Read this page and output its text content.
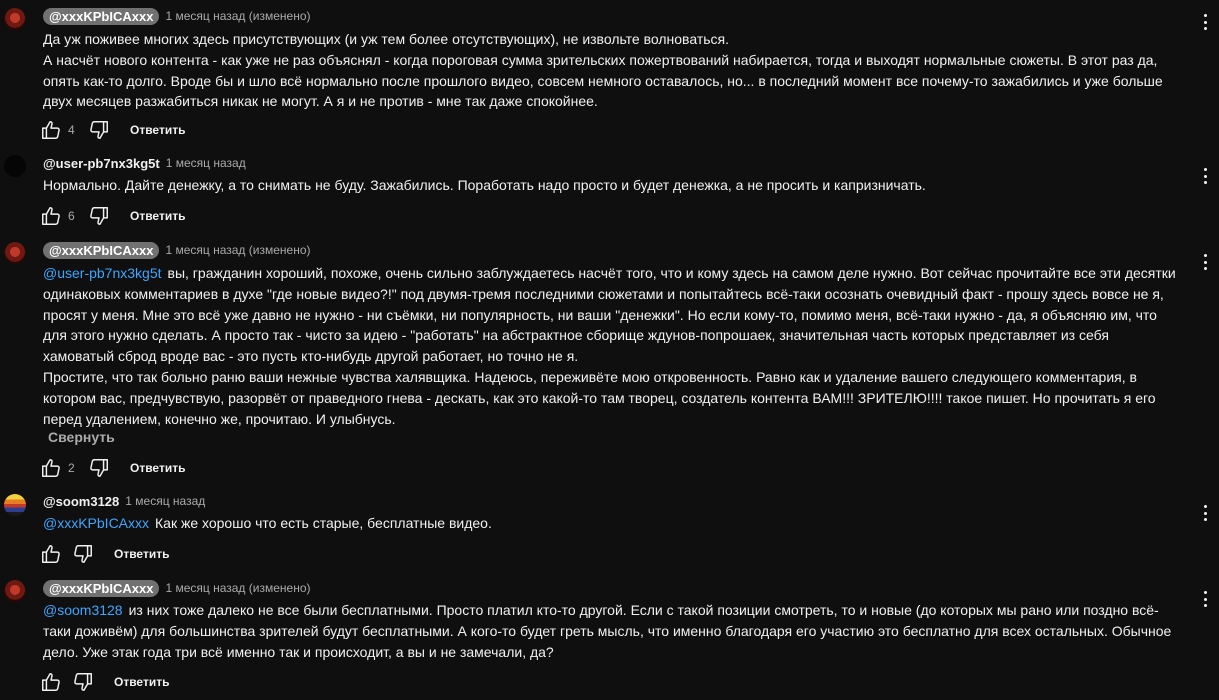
@xxxKPbICAxxx	1 месяц назад (изменено)

Да уж поживее многих здесь присутствующих (и уж тем более отсутствующих), не извольте волноваться.

А насчёт нового контента - как уже не раз объяснял - когда пороговая сумма зрительских пожертвований набирается, тогда и выходят нормальные сюжеты. В этот раз да, опять как-то долго. Вроде бы и шло всё нормально после прошлого видео, совсем немного оставалось, но... в последний момент все почему-то зажабились и уже больше двух месяцев разжабиться никак не могут. А я и не против - мне так даже спокойнее.

4	Ответить
@user-pb7nx3kg5t 1 месяц назад

Нормально. Дайте денежку, а то снимать не буду. Зажабились. Поработать надо просто и будет денежка, а не просить и капризничать.

6	Ответить
@xxxKPbICAxxx	1 месяц назад (изменено)

@user-pb7nx3kg5t вы, гражданин хороший, похоже, очень сильно заблуждаетесь насчёт того, что и кому здесь на самом деле нужно. Вот сейчас прочитайте все эти десятки одинаковых комментариев в духе "где новые видео?!" под двумя-тремя последними сюжетами и попытайтесь всё-таки осознать очевидный факт - прошу здесь вовсе не я, просят у меня. Мне это всё уже давно не нужно - ни съёмки, ни популярность, ни ваши "денежки". Но если кому-то, помимо меня, всё-таки нужно - да, я объясняю им, что для этого нужно сделать. А просто так - чисто за идею - "работать" на абстрактное сборище ждунов-попрошаек, значительная часть которых представляет из себя хамоватый сброд вроде вас - это пусть кто-нибудь другой работает, но точно не я.

Простите, что так больно раню ваши нежные чувства халявщика. Надеюсь, переживёте мою откровенность. Равно как и удаление вашего следующего комментария, в котором вас, предчувствую, разорвёт от праведного гнева - дескать, как это какой-то там творец, создатель контента ВАМ!!! ЗРИТЕЛЮ!!!! такое пишет. Но прочитать я его перед удалением, конечно же, прочитаю. И улыбнусь.

Свернуть
2	Ответить
@soom3128 1 месяц назад

@xxxKPbICAxxx Как же хорошо что есть старые, бесплатные видео.

Ответить
@xxxKPbICAxxx	1 месяц назад (изменено)

@soom3128 из них тоже далеко не все были бесплатными. Просто платил кто-то другой. Если с такой позиции смотреть, то и новые (до которых мы рано или поздно всё-таки доживём) для большинства зрителей будут бесплатными. А кого-то будет греть мысль, что именно благодаря его участию это бесплатно для всех остальных. Обычное дело. Уже этак года три всё именно так и происходит, а вы и не замечали, да?

Ответить
